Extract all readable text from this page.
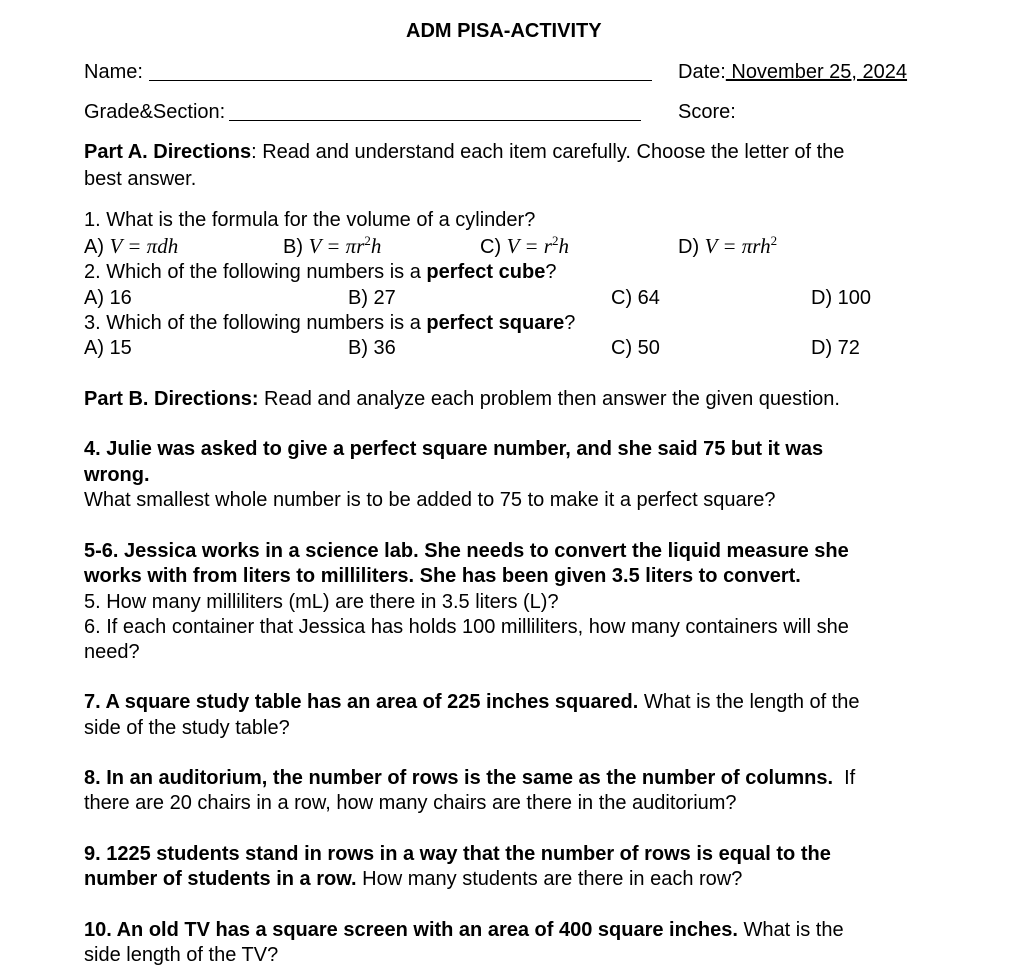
ADM PISA-ACTIVITY
Name:	Date: November 25, 2024
Grade&Section:	Score:
Part A. Directions: Read and understand each item carefully. Choose the letter of the
best answer.
1. What is the formula for the volume of a cylinder?
A) V = πdh	B) $V = \pi r^2h$	C) $V = r^2h$	D) V = πrh$^2$
2. Which of the following numbers is a perfect cube?
A) 16	B) 27	C) 64	D) 100
3. Which of the following numbers is a perfect square?
A) 15	B) 36	C) 50	D) 72
Part B. Directions: Read and analyze each problem then answer the given question.
4. Julie was asked to give a perfect square number, and she said 75 but it was
wrong.
What smallest whole number is to be added to 75 to make it a perfect square?
5-6. Jessica works in a science lab. She needs to convert the liquid measure she
works with from liters to milliliters. She has been given 3.5 liters to convert.
5. How many milliliters (mL) are there in 3.5 liters (L)?
6. If each container that Jessica has holds 100 milliliters, how many containers will she
need?
7. A square study table has an area of 225 inches squared. What is the length of the
side of the study table?
8. In an auditorium, the number of rows is the same as the number of columns.  If
there are 20 chairs in a row, how many chairs are there in the auditorium?
9. 1225 students stand in rows in a way that the number of rows is equal to the
number of students in a row. How many students are there in each row?
10. An old TV has a square screen with an area of 400 square inches. What is the
side length of the TV?
